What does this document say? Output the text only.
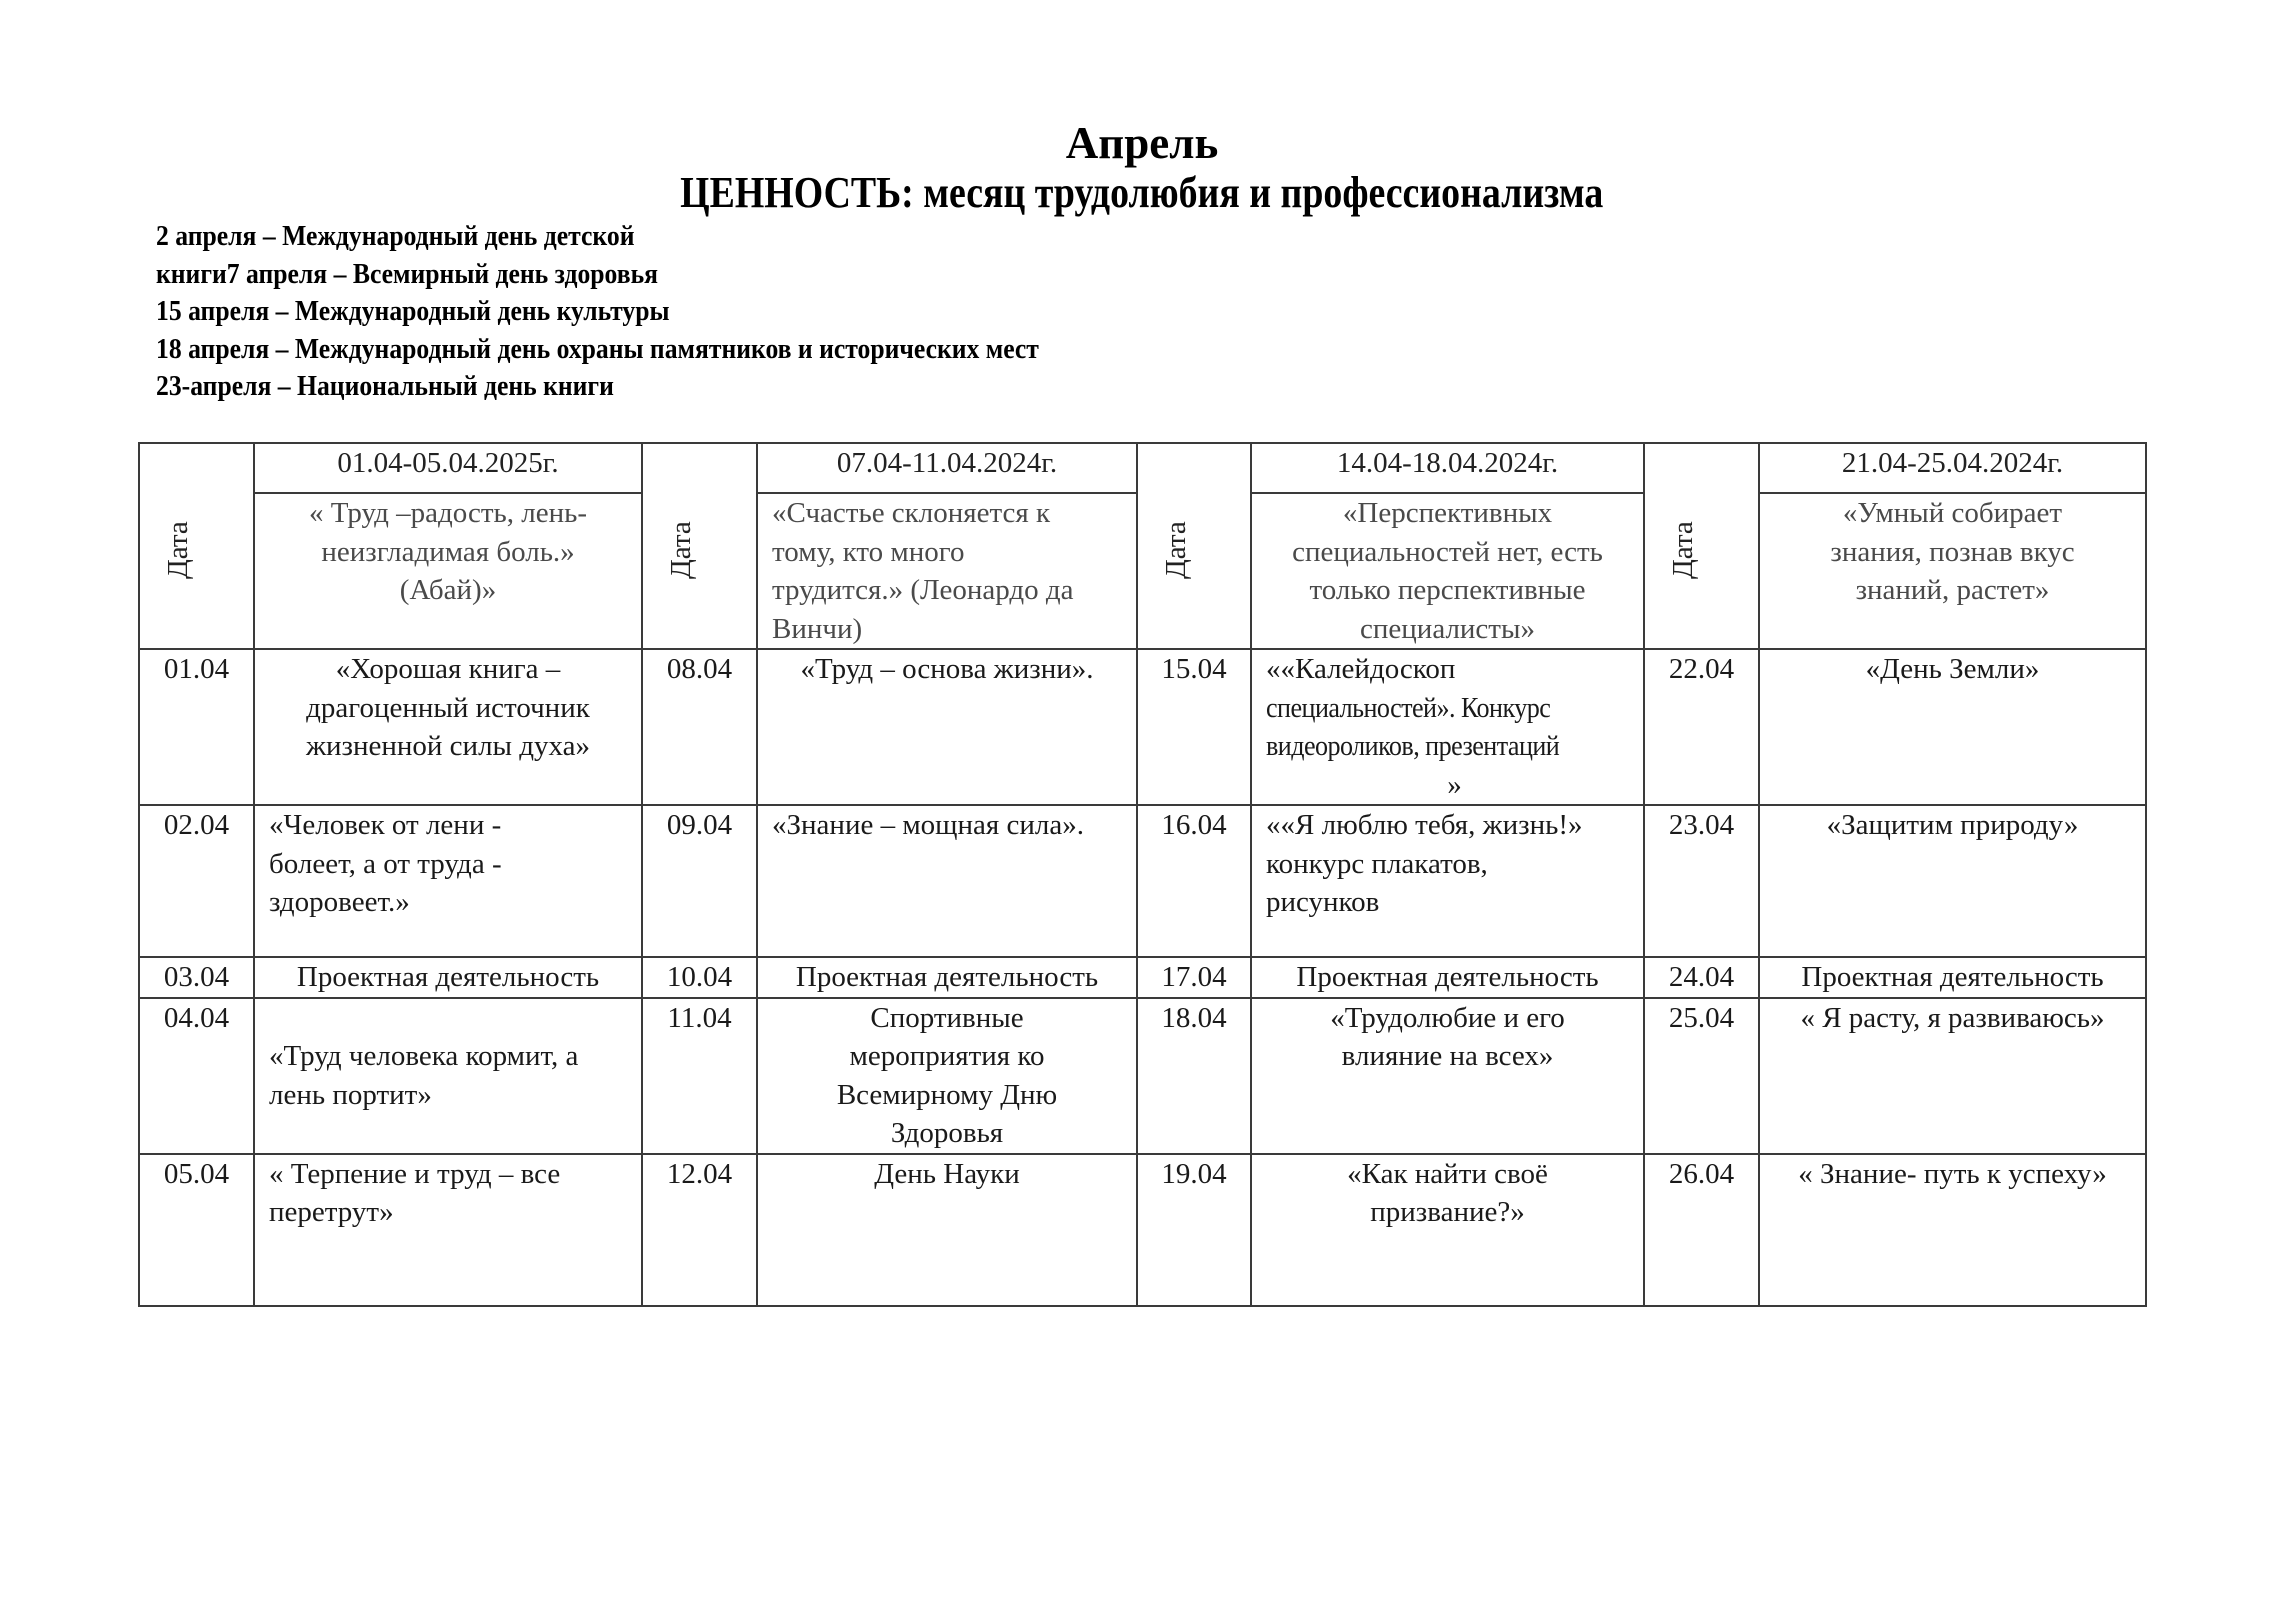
Апрель
ЦЕННОСТЬ: месяц трудолюбия и профессионализма
2 апреля – Международный день детской
книги7 апреля – Всемирный день здоровья
15 апреля – Международный день культуры
18 апреля – Международный день охраны памятников и исторических мест
23-апреля – Национальный день книги
Дата	01.04-05.04.2025г.	Дата	07.04-11.04.2024г.	Дата	14.04-18.04.2024г.	Дата	21.04-25.04.2024г.

	« Труд –радость, лень-
неизгладимая боль.»
(Абай)»		«Счастье склоняется к
тому, кто много
трудится.» (Леонардо да
Винчи)		«Перспективных
специальностей нет, есть
только перспективные
специалисты»		«Умный собирает
знания, познав вкус
знаний, растет»

01.04	«Хорошая книга –
драгоценный источник
жизненной силы духа»	08.04	«Труд – основа жизни».	15.04	««Калейдоскоп
специальностей». Конкурс
видеороликов, презентаций
»	22.04	«День Земли»

02.04	«Человек от лени -
болеет, а от труда -
здоровеет.»	09.04	«Знание – мощная сила».	16.04	««Я люблю тебя, жизнь!»
конкурс плакатов,
рисунков	23.04	«Защитим природу»

03.04	Проектная деятельность	10.04	Проектная деятельность	17.04	Проектная деятельность	24.04	Проектная деятельность

04.04	«Труд человека кормит, а
лень портит»	11.04	Спортивные
мероприятия ко
Всемирному Дню
Здоровья	18.04	«Трудолюбие и его
влияние на всех»	25.04	« Я расту, я развиваюсь»

05.04	« Терпение и труд – все
перетрут»	12.04	День Науки	19.04	«Как найти своё
призвание?»	26.04	« Знание- путь к успеху»
